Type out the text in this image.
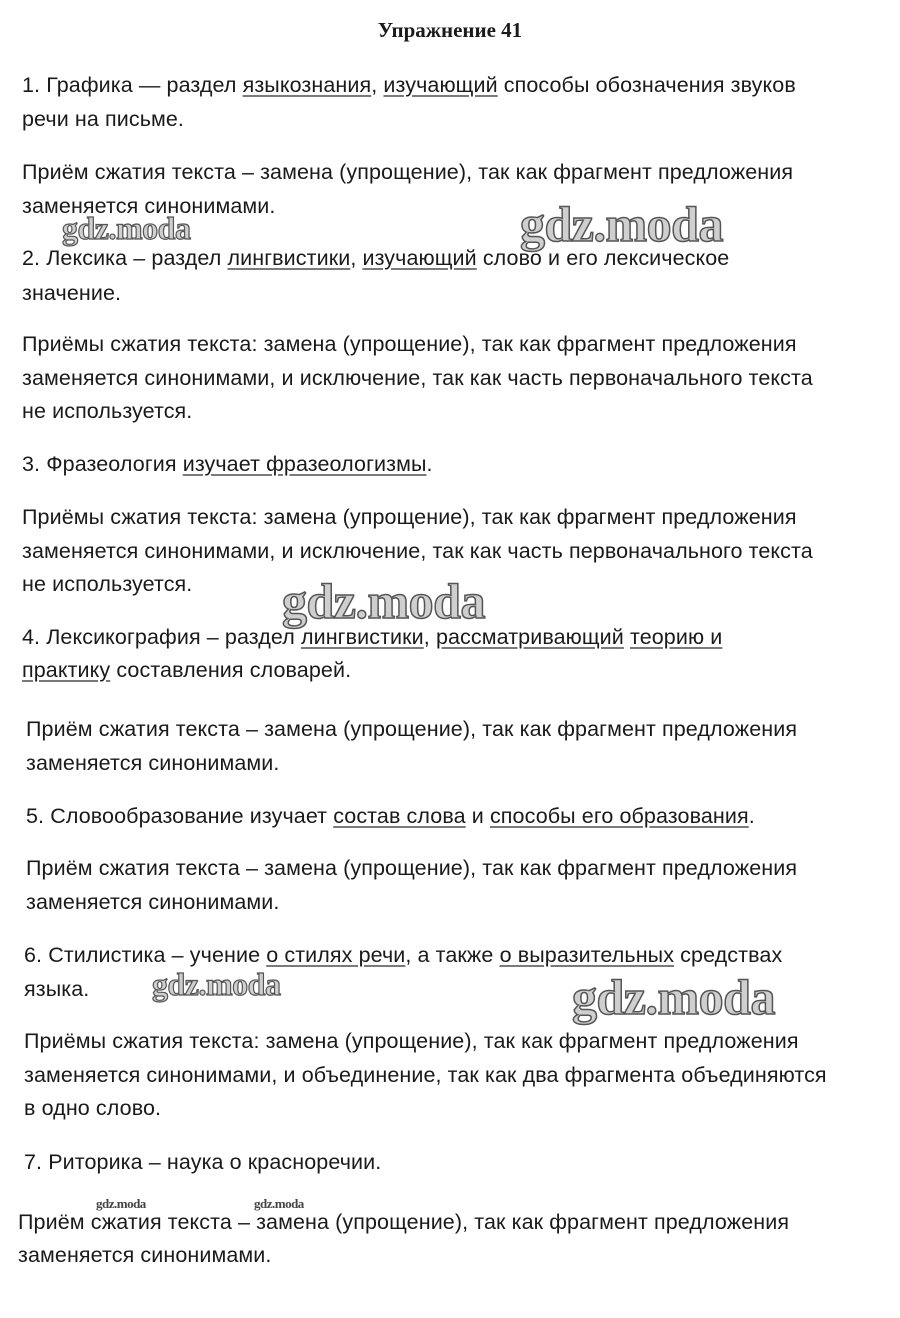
Упражнение 41
1. Графика — раздел языкознания, изучающий способы обозначения звуков
речи на письме.
Приём сжатия текста – замена (упрощение), так как фрагмент предложения
заменяется синонимами.
2. Лексика – раздел лингвистики, изучающий слово и его лексическое
значение.
Приёмы сжатия текста: замена (упрощение), так как фрагмент предложения
заменяется синонимами, и исключение, так как часть первоначального текста
не используется.
3. Фразеология изучает фразеологизмы.
Приёмы сжатия текста: замена (упрощение), так как фрагмент предложения
заменяется синонимами, и исключение, так как часть первоначального текста
не используется.
4. Лексикография – раздел лингвистики, рассматривающий теорию и
практику составления словарей.
Приём сжатия текста – замена (упрощение), так как фрагмент предложения
заменяется синонимами.
5. Словообразование изучает состав слова и способы его образования.
Приём сжатия текста – замена (упрощение), так как фрагмент предложения
заменяется синонимами.
6. Стилистика – учение о стилях речи, а также о выразительных средствах
языка.
Приёмы сжатия текста: замена (упрощение), так как фрагмент предложения
заменяется синонимами, и объединение, так как два фрагмента объединяются
в одно слово.
7. Риторика – наука о красноречии.
Приём сжатия текста – замена (упрощение), так как фрагмент предложения
заменяется синонимами.
gdz.moda	gdz.moda
gdz.moda
gdz.moda	gdz.moda
gdz.moda	gdz.moda
